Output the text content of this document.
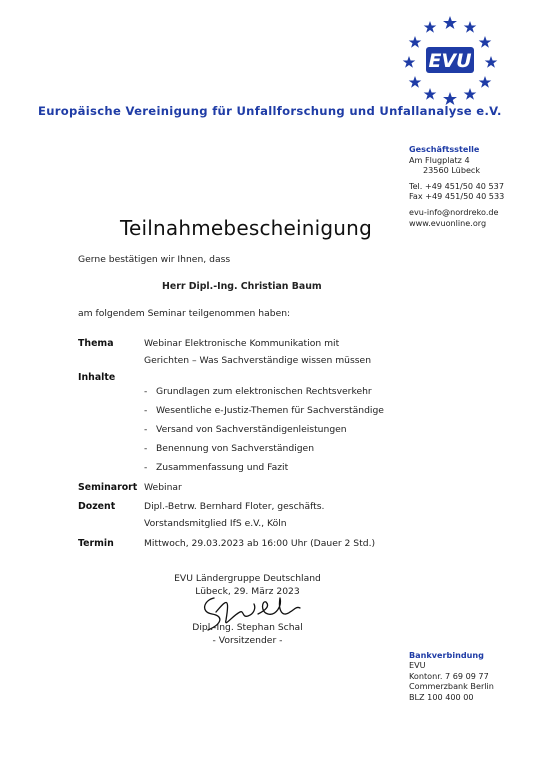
EVU
Europäische Vereinigung für Unfallforschung und Unfallanalyse e.V.
Geschäftsstelle
Am Flugplatz 4
23560 Lübeck
Tel. +49 451/50 40 537
Fax +49 451/50 40 533
evu-info@nordreko.de
www.evuonline.org
Teilnahmebescheinigung
Gerne bestätigen wir Ihnen, dass
Herr Dipl.-Ing. Christian Baum
am folgendem Seminar teilgenommen haben:
Thema	Webinar Elektronische Kommunikation mit
Gerichten – Was Sachverständige wissen müssen
Inhalte
- Grundlagen zum elektronischen Rechtsverkehr
- Wesentliche e-Justiz-Themen für Sachverständige
- Versand von Sachverständigenleistungen
- Benennung von Sachverständigen
- Zusammenfassung und Fazit
Seminarort Webinar
Dozent	Dipl.-Betrw. Bernhard Floter, geschäfts.
Vorstandsmitglied IfS e.V., Köln
Termin	Mittwoch, 29.03.2023 ab 16:00 Uhr (Dauer 2 Std.)
EVU Ländergruppe Deutschland
Lübeck, 29. März 2023
Dipl.-Ing. Stephan Schal
- Vorsitzender -
Bankverbindung
EVU
Kontonr. 7 69 09 77
Commerzbank Berlin
BLZ 100 400 00
